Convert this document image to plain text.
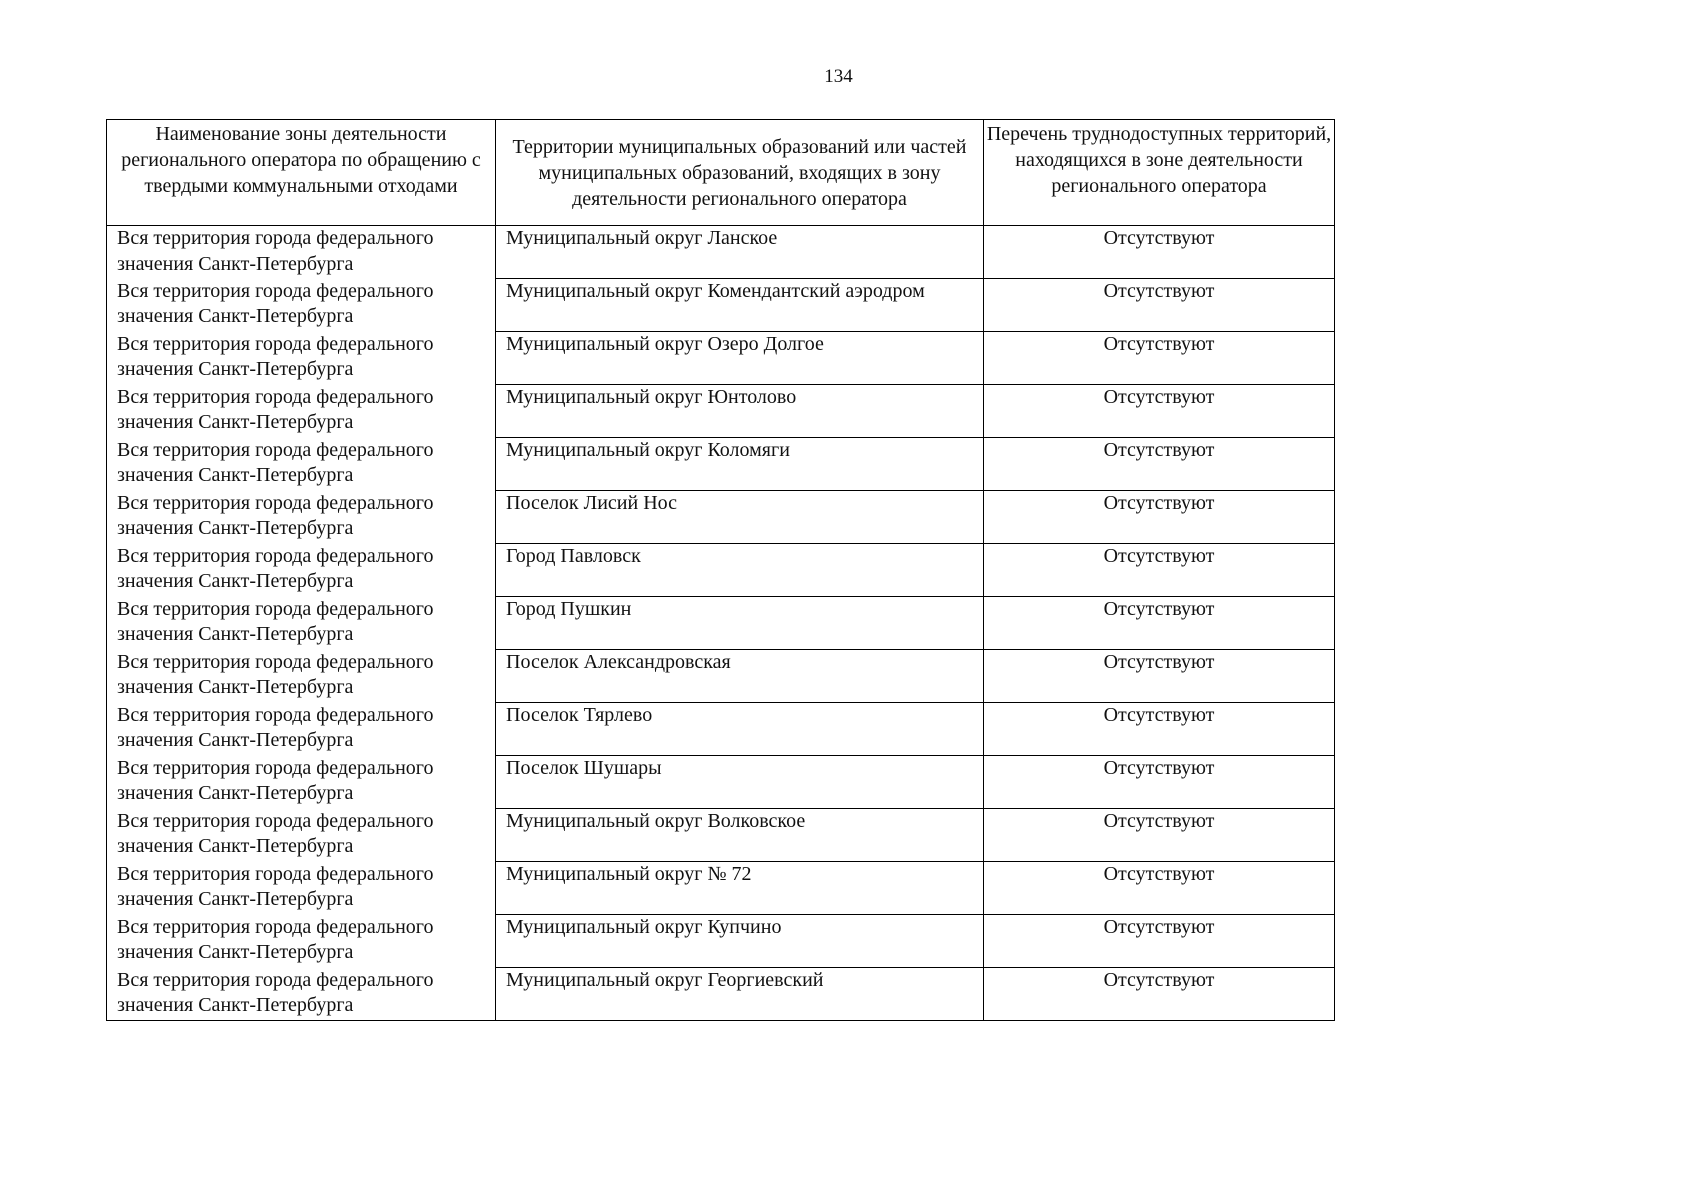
134
Наименование зоны деятельности регионального оператора по обращению с твердыми коммунальными отходами	Территории муниципальных образований или частей муниципальных образований, входящих в зону деятельности регионального оператора	Перечень труднодоступных территорий, находящихся в зоне деятельности регионального оператора
Вся территория города федерального значения Санкт-Петербурга	Муниципальный округ Ланское	Отсутствуют
Вся территория города федерального значения Санкт-Петербурга	Муниципальный округ Комендантский аэродром	Отсутствуют
Вся территория города федерального значения Санкт-Петербурга	Муниципальный округ Озеро Долгое	Отсутствуют
Вся территория города федерального значения Санкт-Петербурга	Муниципальный округ Юнтолово	Отсутствуют
Вся территория города федерального значения Санкт-Петербурга	Муниципальный округ Коломяги	Отсутствуют
Вся территория города федерального значения Санкт-Петербурга	Поселок Лисий Нос	Отсутствуют
Вся территория города федерального значения Санкт-Петербурга	Город Павловск	Отсутствуют
Вся территория города федерального значения Санкт-Петербурга	Город Пушкин	Отсутствуют
Вся территория города федерального значения Санкт-Петербурга	Поселок Александровская	Отсутствуют
Вся территория города федерального значения Санкт-Петербурга	Поселок Тярлево	Отсутствуют
Вся территория города федерального значения Санкт-Петербурга	Поселок Шушары	Отсутствуют
Вся территория города федерального значения Санкт-Петербурга	Муниципальный округ Волковское	Отсутствуют
Вся территория города федерального значения Санкт-Петербурга	Муниципальный округ № 72	Отсутствуют
Вся территория города федерального значения Санкт-Петербурга	Муниципальный округ Купчино	Отсутствуют
Вся территория города федерального значения Санкт-Петербурга	Муниципальный округ Георгиевский	Отсутствуют
